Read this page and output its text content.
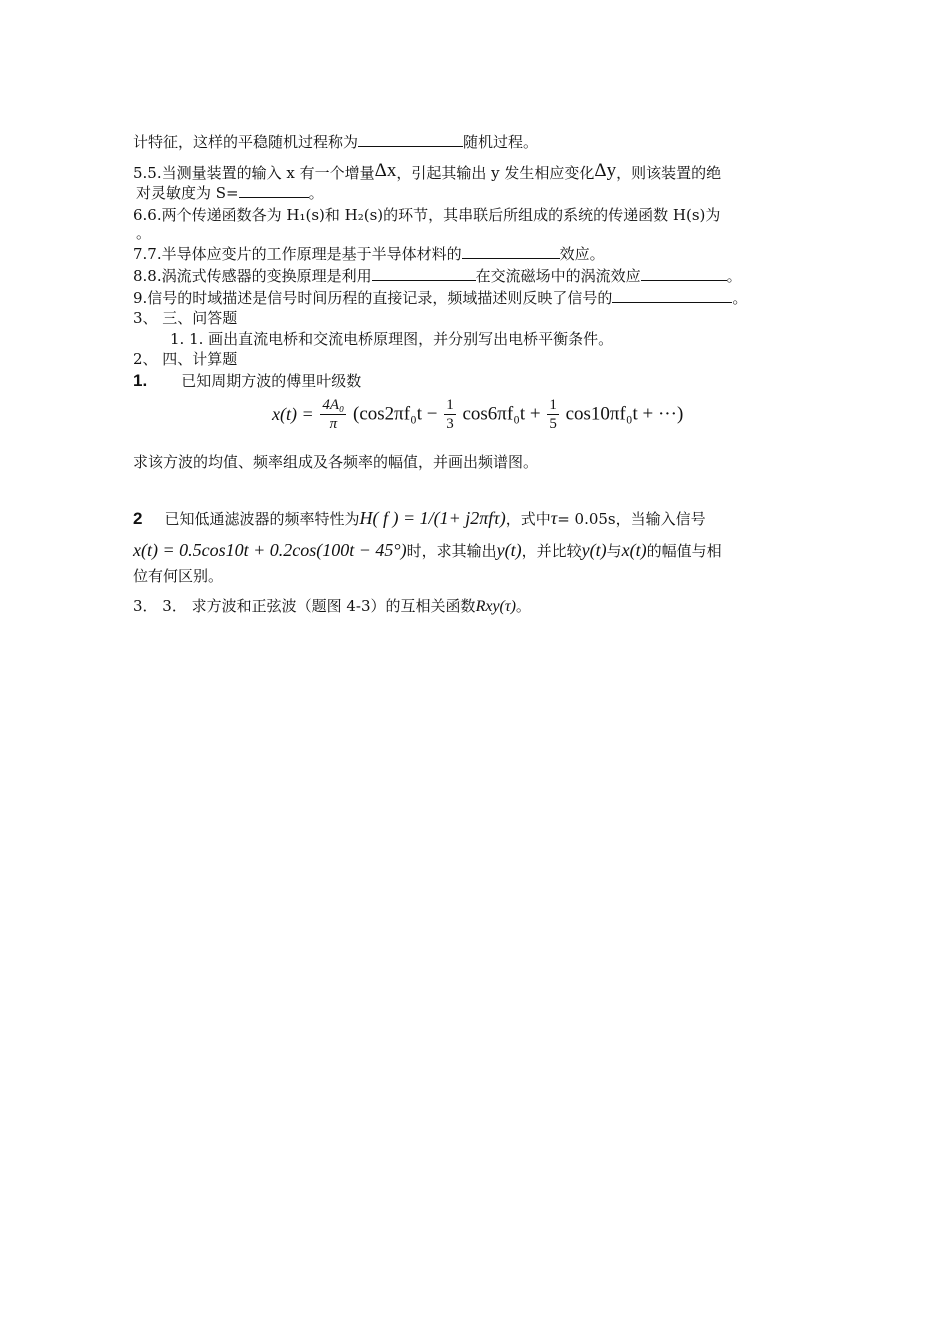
计特征，这样的平稳随机过程称为	随机过程。
5.5.当测量装置的输入 x 有一个增量Δx，引起其输出 y 发生相应变化Δy，则该装置的绝
对灵敏度为 S=	。
6.6.两个传递函数各为 H₁(s)和 H₂(s)的环节，其串联后所组成的系统的传递函数 H(s)为
。
7.7.半导体应变片的工作原理是基于半导体材料的	效应。
8.8.涡流式传感器的变换原理是利用	在交流磁场中的涡流效应	。
9.信号的时域描述是信号时间历程的直接记录，频域描述则反映了信号的	。
3、 三、问答题
1. 1. 画出直流电桥和交流电桥原理图，并分别写出电桥平衡条件。
2、 四、计算题
1. 已知周期方波的傅里叶级数
$x(t) = \frac{\text{4A₀}}{\pi} (\cos 2\pi f_0t - \frac{1}{3} \cos 6\pi f_0t + \frac{1}{5} \cos 10\pi f_0t$ + ···)
求该方波的均值、频率组成及各频率的幅值，并画出频谱图。
2 已知低通滤波器的频率特性为H( f ) = 1/(1+ j2πfτ)，式中τ= 0.05s，当输入信号
x(t) = 0.5cos10t + 0.2cos(100t − 45°)时，求其输出y(t)，并比较y(t)与x(t)的幅值与相
位有何区别。
3． 3． 求方波和正弦波（题图 4-3）的互相关函数Rxy(τ)。
